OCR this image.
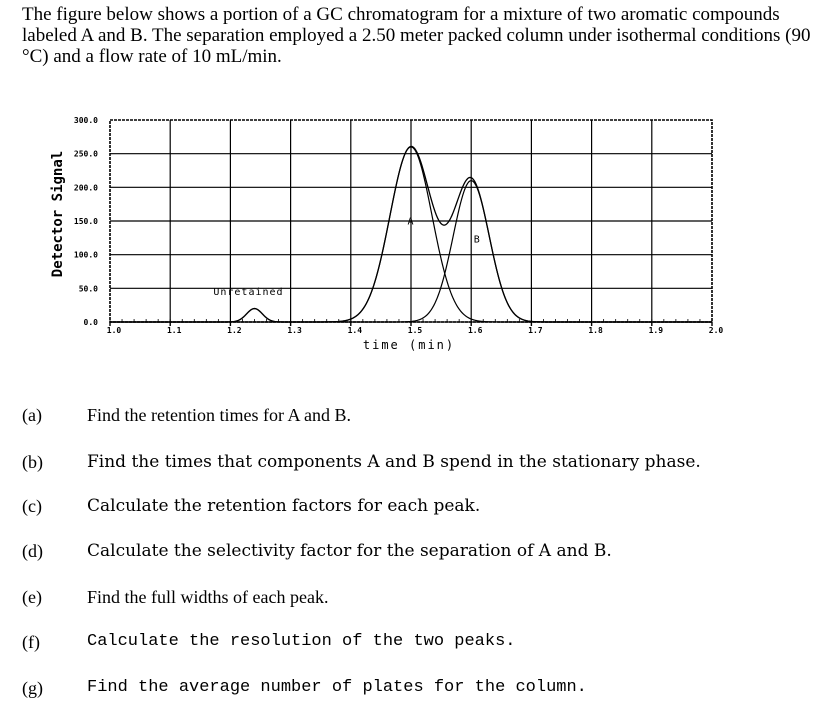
The figure below shows a portion of a GC chromatogram for a mixture of two aromatic compounds labeled A and B. The separation employed a 2.50 meter packed column under isothermal conditions (90 °C) and a flow rate of 10 mL/min.

Detector Signal
1.0	1.1	1.2	1.3	1.4	1.5	1.6	1.7	1.8	1.9	2.0
0.0
50.0
100.0
150.0
200.0
250.0
300.0
Unretained
A
B
time (min)
(a)	Find the retention times for A and B.
(b)	Find the times that components A and B spend in the stationary phase.
(c)	Calculate the retention factors for each peak.
(d)	Calculate the selectivity factor for the separation of A and B.
(e)	Find the full widths of each peak.
(f)	Calculate the resolution of the two peaks.
(g)	Find the average number of plates for the column.
